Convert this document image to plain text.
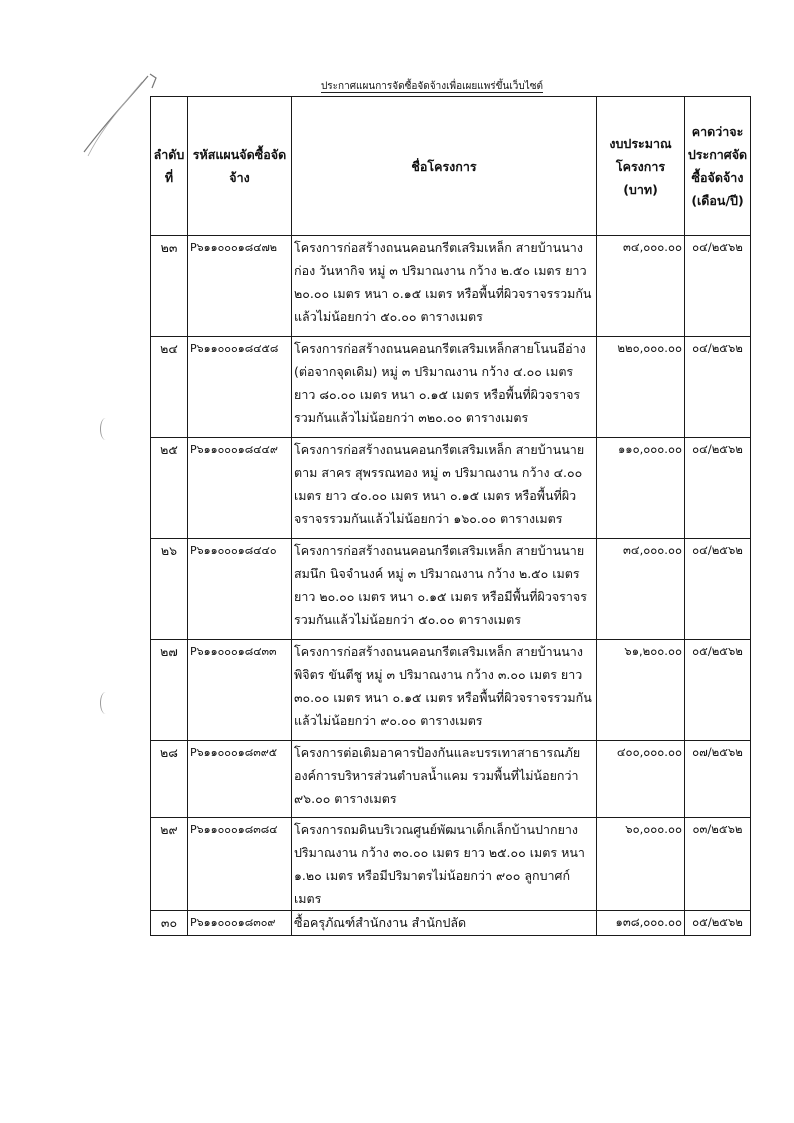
ประกาศแผนการจัดซื้อจัดจ้างเพื่อเผยแพร่ขึ้นเว็บไซต์
ลำดับที่	รหัสแผนจัดซื้อจัดจ้าง	ชื่อโครงการ	งบประมาณโครงการ (บาท)	คาดว่าจะประกาศจัดซื้อจัดจ้าง (เดือน/ปี)
๒๓	P๖๑๑๐๐๐๑๘๔๗๒	โครงการก่อสร้างถนนคอนกรีตเสริมเหล็ก สายบ้านนางก่อง วันหากิจ หมู่ ๓ ปริมาณงาน กว้าง ๒.๕๐ เมตร ยาว ๒๐.๐๐ เมตร หนา ๐.๑๕ เมตร หรือพื้นที่ผิวจราจรรวมกันแล้วไม่น้อยกว่า ๕๐.๐๐ ตารางเมตร	๓๔,๐๐๐.๐๐	๐๔/๒๕๖๒
๒๔	P๖๑๑๐๐๐๑๘๔๕๘	โครงการก่อสร้างถนนคอนกรีตเสริมเหล็กสายโนนอีอ่าง (ต่อจากจุดเดิม) หมู่ ๓ ปริมาณงาน กว้าง ๔.๐๐ เมตร ยาว ๘๐.๐๐ เมตร หนา ๐.๑๕ เมตร หรือพื้นที่ผิวจราจรรวมกันแล้วไม่น้อยกว่า ๓๒๐.๐๐ ตารางเมตร	๒๒๐,๐๐๐.๐๐	๐๔/๒๕๖๒
๒๕	P๖๑๑๐๐๐๑๘๔๔๙	โครงการก่อสร้างถนนคอนกรีตเสริมเหล็ก สายบ้านนายตาม สาคร สุพรรณทอง หมู่ ๓ ปริมาณงาน กว้าง ๔.๐๐ เมตร ยาว ๔๐.๐๐ เมตร หนา ๐.๑๕ เมตร หรือพื้นที่ผิวจราจรรวมกันแล้วไม่น้อยกว่า ๑๖๐.๐๐ ตารางเมตร	๑๑๐,๐๐๐.๐๐	๐๔/๒๕๖๒
๒๖	P๖๑๑๐๐๐๑๘๔๔๐	โครงการก่อสร้างถนนคอนกรีตเสริมเหล็ก สายบ้านนายสมนึก นิจจำนงค์ หมู่ ๓ ปริมาณงาน กว้าง ๒.๕๐ เมตร ยาว ๒๐.๐๐ เมตร หนา ๐.๑๕ เมตร หรือมีพื้นที่ผิวจราจรรวมกันแล้วไม่น้อยกว่า ๕๐.๐๐ ตารางเมตร	๓๔,๐๐๐.๐๐	๐๔/๒๕๖๒
๒๗	P๖๑๑๐๐๐๑๘๔๓๓	โครงการก่อสร้างถนนคอนกรีตเสริมเหล็ก สายบ้านนางพิจิตร ขันตีชู หมู่ ๓ ปริมาณงาน กว้าง ๓.๐๐ เมตร ยาว ๓๐.๐๐ เมตร หนา ๐.๑๕ เมตร หรือพื้นที่ผิวจราจรรวมกันแล้วไม่น้อยกว่า ๙๐.๐๐ ตารางเมตร	๖๑,๒๐๐.๐๐	๐๕/๒๕๖๒
๒๘	P๖๑๑๐๐๐๑๘๓๙๕	โครงการต่อเติมอาคารป้องกันและบรรเทาสาธารณภัย องค์การบริหารส่วนตำบลน้ำแคม รวมพื้นที่ไม่น้อยกว่า ๙๖.๐๐ ตารางเมตร	๔๐๐,๐๐๐.๐๐	๐๗/๒๕๖๒
๒๙	P๖๑๑๐๐๐๑๘๓๘๔	โครงการถมดินบริเวณศูนย์พัฒนาเด็กเล็กบ้านปากยาง ปริมาณงาน กว้าง ๓๐.๐๐ เมตร ยาว ๒๕.๐๐ เมตร หนา ๑.๒๐ เมตร หรือมีปริมาตรไม่น้อยกว่า ๙๐๐ ลูกบาศก์เมตร	๖๐,๐๐๐.๐๐	๐๓/๒๕๖๒
๓๐	P๖๑๑๐๐๐๑๘๓๐๙	ซื้อครุภัณฑ์สำนักงาน สำนักปลัด	๑๓๘,๐๐๐.๐๐	๐๕/๒๕๖๒
